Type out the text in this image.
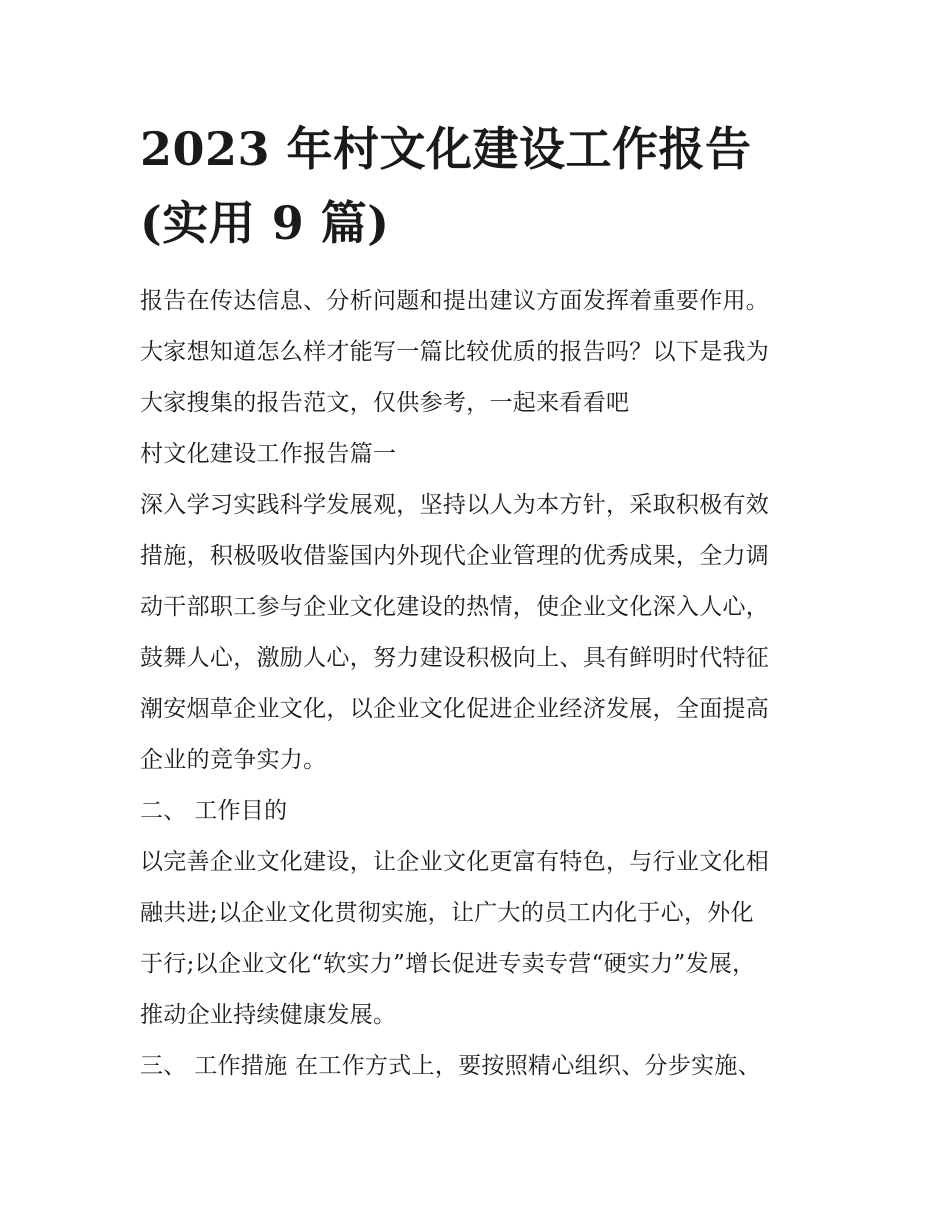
2023 年村文化建设工作报告
(实用 9 篇)
报告在传达信息、分析问题和提出建议方面发挥着重要作用。
大家想知道怎么样才能写一篇比较优质的报告吗？以下是我为
大家搜集的报告范文，仅供参考，一起来看看吧
村文化建设工作报告篇一
深入学习实践科学发展观，坚持以人为本方针，采取积极有效
措施，积极吸收借鉴国内外现代企业管理的优秀成果，全力调
动干部职工参与企业文化建设的热情，使企业文化深入人心，
鼓舞人心，激励人心，努力建设积极向上、具有鲜明时代特征
潮安烟草企业文化，以企业文化促进企业经济发展，全面提高
企业的竞争实力。
二、 工作目的
以完善企业文化建设，让企业文化更富有特色，与行业文化相
融共进;以企业文化贯彻实施，让广大的员工内化于心，外化
于行;以企业文化“软实力”增长促进专卖专营“硬实力”发展，
推动企业持续健康发展。
三、 工作措施 在工作方式上，要按照精心组织、分步实施、
